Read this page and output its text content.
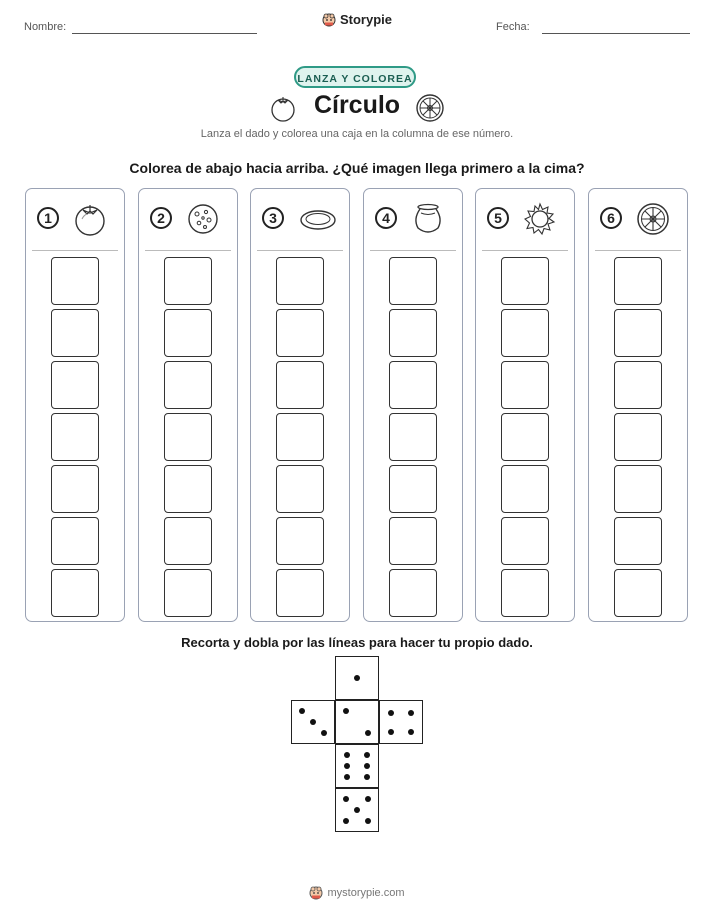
Nombre:	Storypie	Fecha:
LANZA Y COLOREA
Círculo
Lanza el dado y colorea una caja en la columna de ese número.
Colorea de abajo hacia arriba. ¿Qué imagen llega primero a la cima?
1	2	3	4	5	6
Recorta y dobla por las líneas para hacer tu propio dado.
mystorypie.com
